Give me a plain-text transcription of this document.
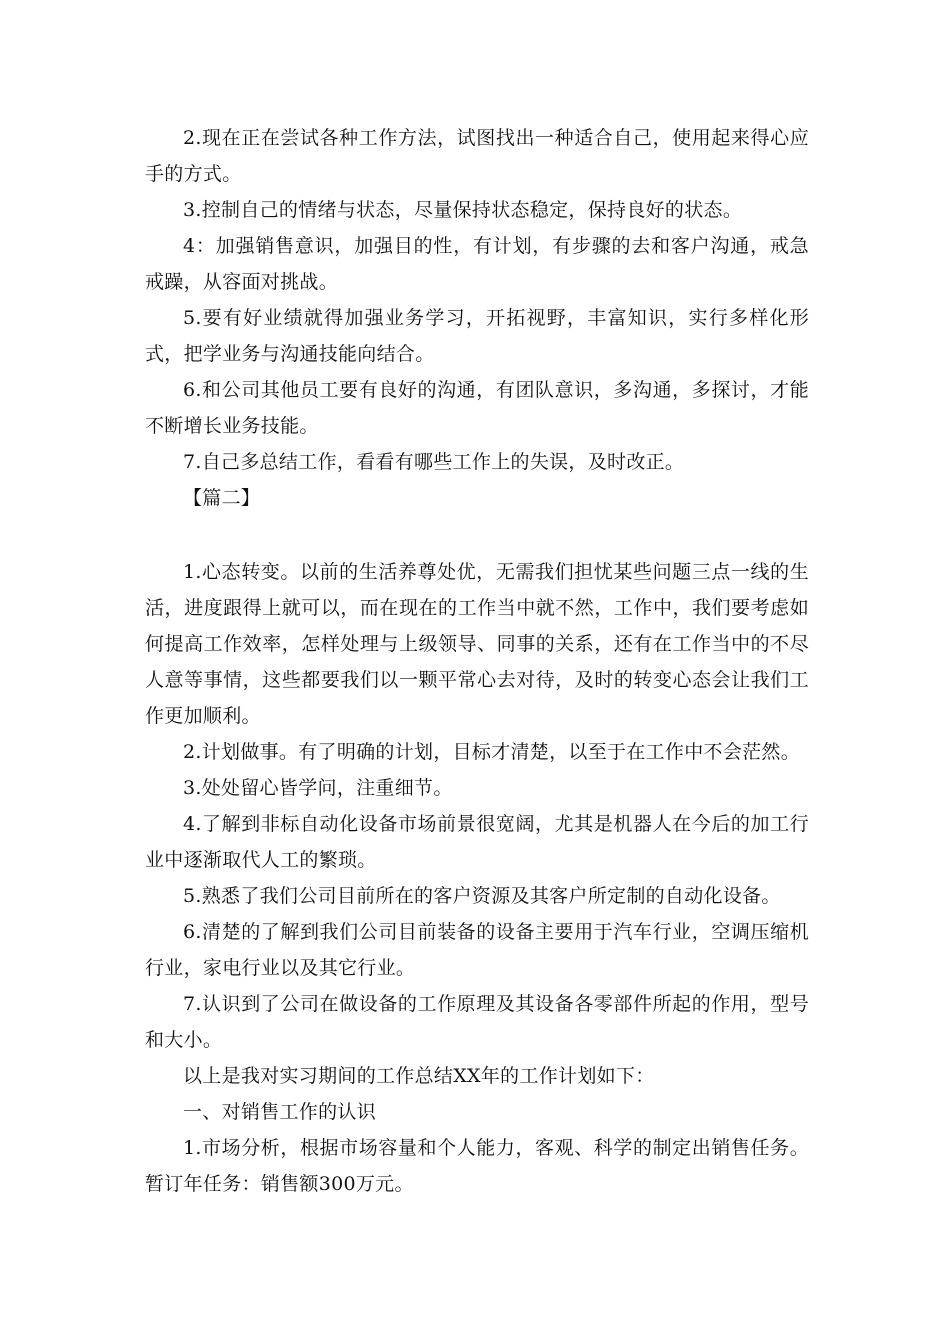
2.现在正在尝试各种工作方法，试图找出一种适合自己，使用起来得心应手的方式。

3.控制自己的情绪与状态，尽量保持状态稳定，保持良好的状态。

4：加强销售意识，加强目的性，有计划，有步骤的去和客户沟通，戒急戒躁，从容面对挑战。

5.要有好业绩就得加强业务学习，开拓视野，丰富知识，实行多样化形式，把学业务与沟通技能向结合。

6.和公司其他员工要有良好的沟通，有团队意识，多沟通，多探讨，才能不断增长业务技能。

7.自己多总结工作，看看有哪些工作上的失误，及时改正。

【篇二】

1.心态转变。以前的生活养尊处优，无需我们担忧某些问题三点一线的生活，进度跟得上就可以，而在现在的工作当中就不然，工作中，我们要考虑如何提高工作效率，怎样处理与上级领导、同事的关系，还有在工作当中的不尽人意等事情，这些都要我们以一颗平常心去对待，及时的转变心态会让我们工作更加顺利。

2.计划做事。有了明确的计划，目标才清楚，以至于在工作中不会茫然。

3.处处留心皆学问，注重细节。

4.了解到非标自动化设备市场前景很宽阔，尤其是机器人在今后的加工行业中逐渐取代人工的繁琐。

5.熟悉了我们公司目前所在的客户资源及其客户所定制的自动化设备。

6.清楚的了解到我们公司目前装备的设备主要用于汽车行业，空调压缩机行业，家电行业以及其它行业。

7.认识到了公司在做设备的工作原理及其设备各零部件所起的作用，型号和大小。

以上是我对实习期间的工作总结XX年的工作计划如下：

一、对销售工作的认识

1.市场分析，根据市场容量和个人能力，客观、科学的制定出销售任务。暂订年任务：销售额300万元。
